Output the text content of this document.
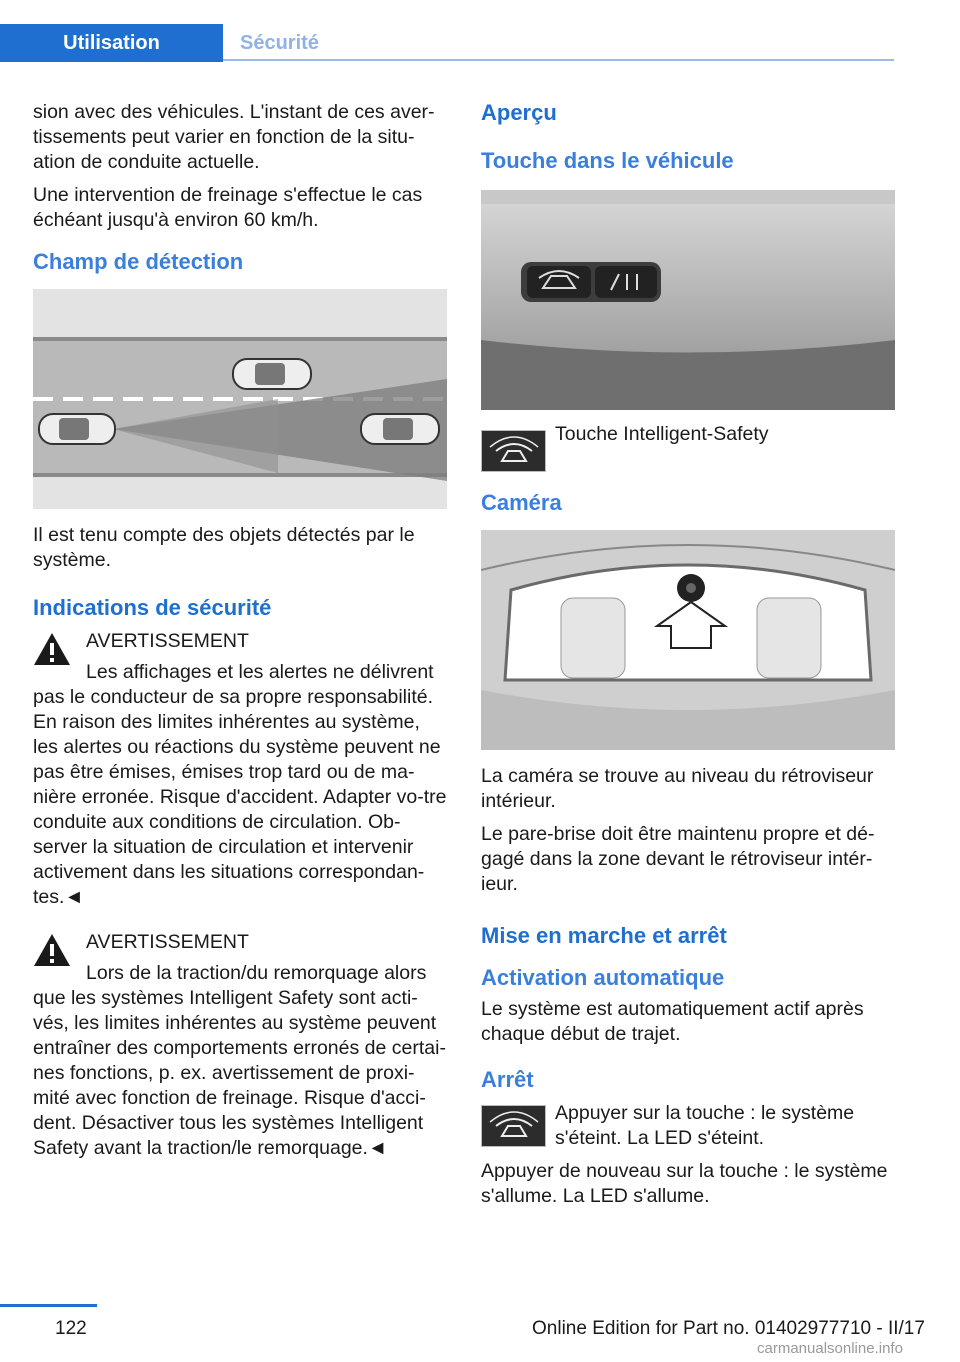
Utilisation	Sécurité

sion avec des véhicules. L'instant de ces aver-tissements peut varier en fonction de la situ-ation de conduite actuelle.

Une intervention de freinage s'effectue le cas échéant jusqu'à environ 60 km/h.

Champ de détection

Il est tenu compte des objets détectés par le système.

Indications de sécurité
AVERTISSEMENT
Les affichages et les alertes ne délivrent pas le conducteur de sa propre responsabilité. En raison des limites inhérentes au système, les alertes ou réactions du système peuvent ne pas être émises, émises trop tard ou de ma-nière erronée. Risque d'accident. Adapter vo-tre conduite aux conditions de circulation. Ob-server la situation de circulation et intervenir activement dans les situations correspondan-tes.◄
AVERTISSEMENT
Lors de la traction/du remorquage alors que les systèmes Intelligent Safety sont acti-vés, les limites inhérentes au système peuvent entraîner des comportements erronés de certai-nes fonctions, p. ex. avertissement de proxi-mité avec fonction de freinage. Risque d'acci-dent. Désactiver tous les systèmes Intelligent Safety avant la traction/le remorquage.◄
Aperçu
Touche dans le véhicule
Touche Intelligent-Safety
Caméra

La caméra se trouve au niveau du rétroviseur intérieur.

Le pare-brise doit être maintenu propre et dé-gagé dans la zone devant le rétroviseur intér-ieur.

Mise en marche et arrêt
Activation automatique

Le système est automatiquement actif après chaque début de trajet.

Arrêt

Appuyer sur la touche : le système s'éteint. La LED s'éteint.

Appuyer de nouveau sur la touche : le système s'allume. La LED s'allume.

122	Online Edition for Part no. 01402977710 - II/17
carmanualsonline.info
